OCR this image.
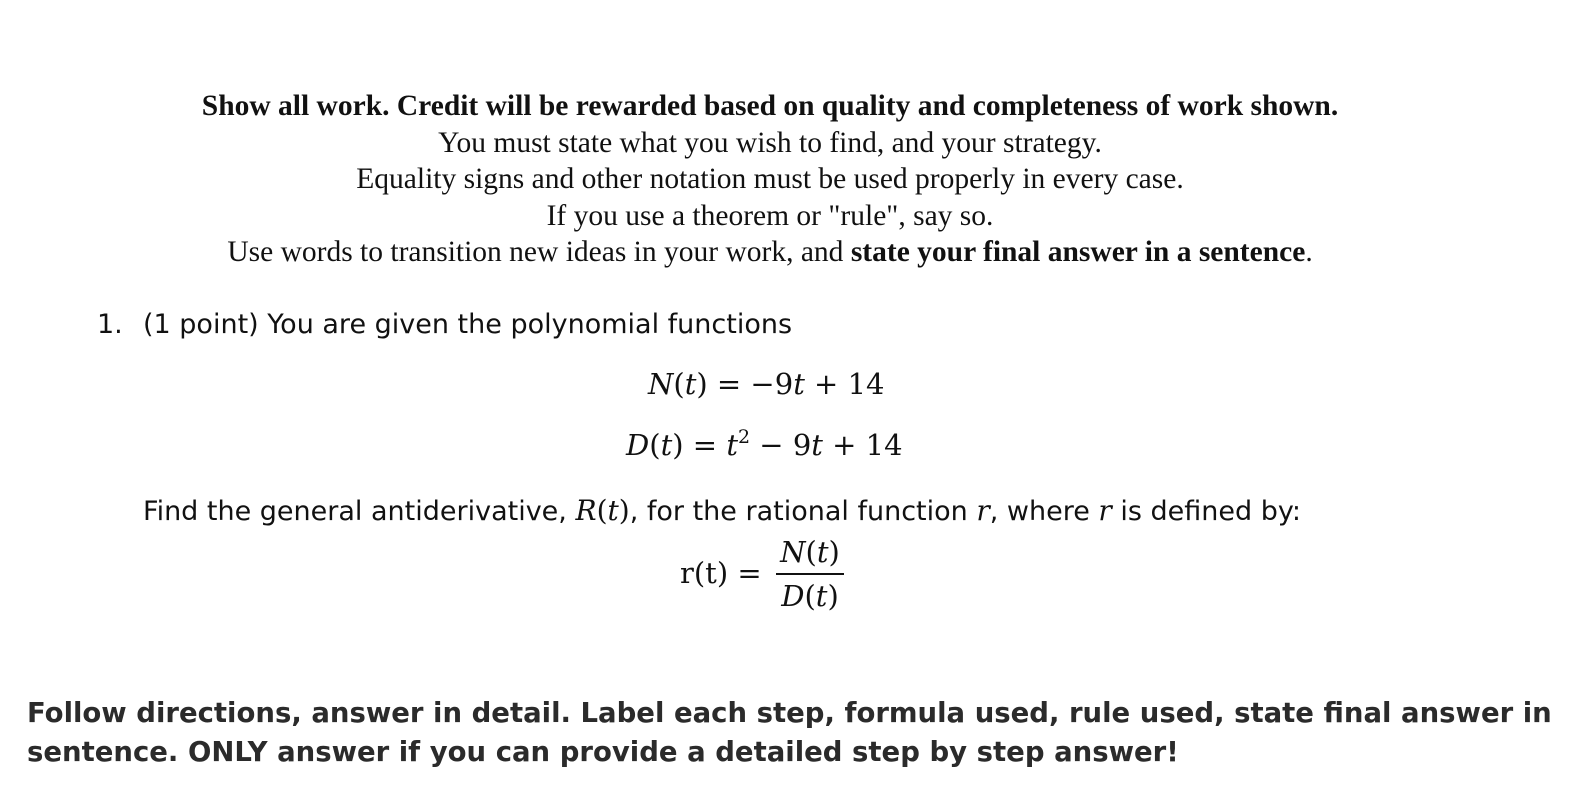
Show all work. Credit will be rewarded based on quality and completeness of work shown.
You must state what you wish to find, and your strategy.
Equality signs and other notation must be used properly in every case.
If you use a theorem or "rule", say so.
Use words to transition new ideas in your work, and state your final answer in a sentence.
1. (1 point) You are given the polynomial functions
N(t) = −9t + 14
$D(t) = t^2 - 9t + 14$
Find the general antiderivative, R(t), for the rational function r, where r is defined by:
r(t) =
N(t)
D(t)
Follow directions, answer in detail. Label each step, formula used, rule used, state final answer in
sentence. ONLY answer if you can provide a detailed step by step answer!
